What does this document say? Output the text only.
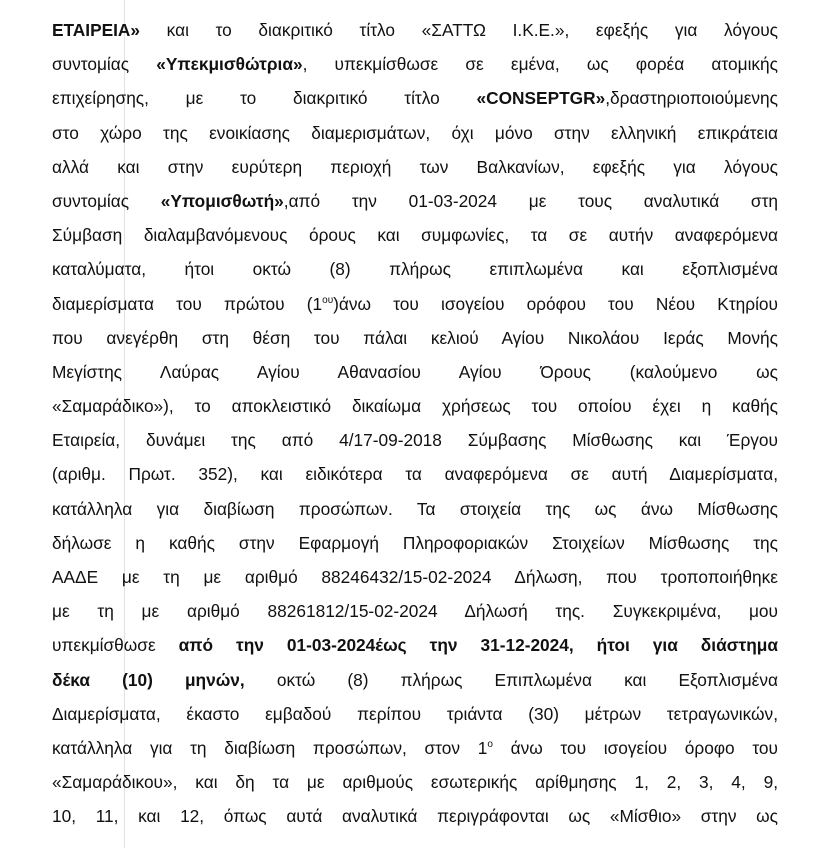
ΕΤΑΙΡΕΙΑ» και το διακριτικό τίτλο «ΣΑΤΤΩ Ι.Κ.Ε.», εφεξής για λόγους
συντομίας «Υπεκμισθώτρια», υπεκμίσθωσε σε εμένα, ως φορέα ατομικής
επιχείρησης, με το διακριτικό τίτλο «CONSEPTGR»,δραστηριοποιούμενης
στο χώρο της ενοικίασης διαμερισμάτων, όχι μόνο στην ελληνική επικράτεια
αλλά και στην ευρύτερη περιοχή των Βαλκανίων, εφεξής για λόγους
συντομίας «Υπομισθωτή»,από την 01-03-2024 με τους αναλυτικά στη
Σύμβαση διαλαμβανόμενους όρους και συμφωνίες, τα σε αυτήν αναφερόμενα
καταλύματα, ήτοι οκτώ (8) πλήρως επιπλωμένα και εξοπλισμένα
διαμερίσματα του πρώτου $(1^{o\upsilon})ά\nu\omega$ του ισογείου ορόφου του Νέου Κτηρίου
που ανεγέρθη στη θέση του πάλαι κελιού Αγίου Νικολάου Ιεράς Μονής
Μεγίστης Λαύρας Αγίου Αθανασίου Αγίου Όρους (καλούμενο ως
«Σαμαράδικο»), το αποκλειστικό δικαίωμα χρήσεως του οποίου έχει η καθής
Εταιρεία, δυνάμει της από 4/17-09-2018 Σύμβασης Μίσθωσης και Έργου
(αριθμ. Πρωτ. 352), και ειδικότερα τα αναφερόμενα σε αυτή Διαμερίσματα,
κατάλληλα για διαβίωση προσώπων. Τα στοιχεία της ως άνω Μίσθωσης
δήλωσε η καθής στην Εφαρμογή Πληροφοριακών Στοιχείων Μίσθωσης της
ΑΑΔΕ με τη με αριθμό 88246432/15-02-2024 Δήλωση, που τροποποιήθηκε
με τη με αριθμό 88261812/15-02-2024 Δήλωσή της. Συγκεκριμένα, μου
υπεκμίσθωσε από την 01-03-2024έως την 31-12-2024, ήτοι για διάστημα
δέκα (10) μηνών, οκτώ (8) πλήρως Επιπλωμένα και Εξοπλισμένα
Διαμερίσματα, έκαστο εμβαδού περίπου τριάντα (30) μέτρων τετραγωνικών,
κατάλληλα για τη διαβίωση προσώπων, στον $1^o$ άνω του ισογείου όροφο του
«Σαμαράδικου», και δη τα με αριθμούς εσωτερικής αρίθμησης 1, 2, 3, 4, 9,
10, 11, και 12, όπως αυτά αναλυτικά περιγράφονται ως «Μίσθιο» στην ως
